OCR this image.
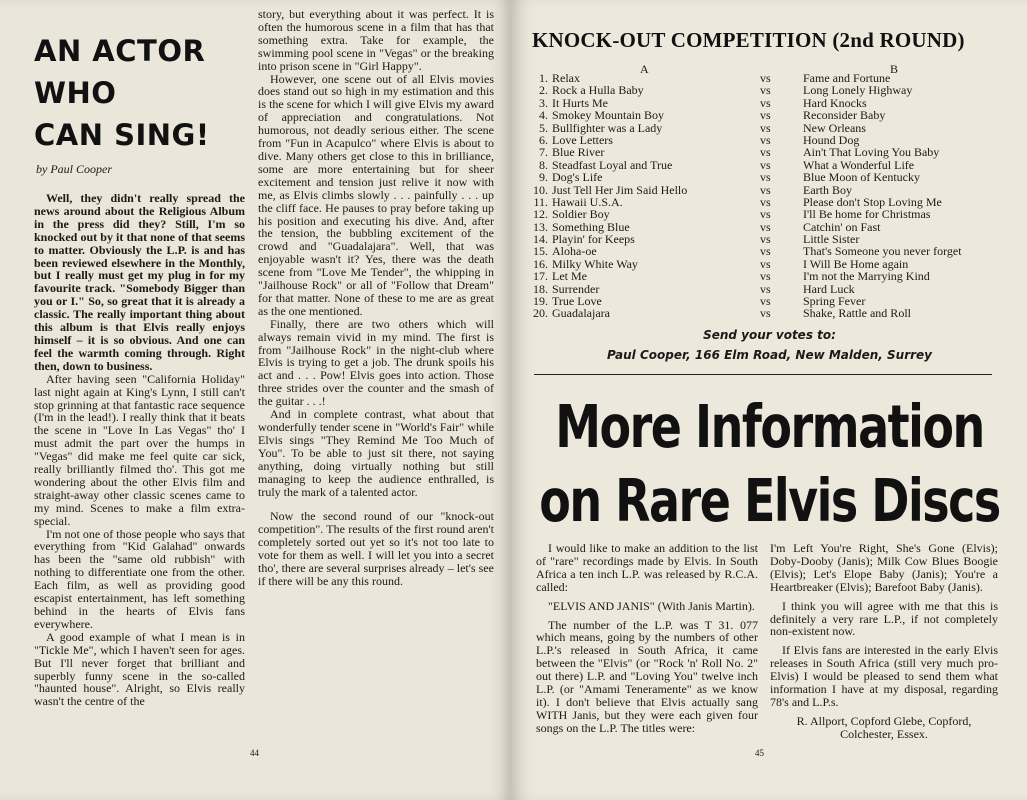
AN ACTOR
WHO
CAN SING!
by Paul Cooper

Well, they didn't really spread the news around about the Religious Album in the press did they? Still, I'm so knocked out by it that none of that seems to matter. Obviously the L.P. is and has been reviewed elsewhere in the Monthly, but I really must get my plug in for my favourite track. "Somebody Bigger than you or I." So, so great that it is already a classic. The really important thing about this album is that Elvis really enjoys himself – it is so obvious. And one can feel the warmth coming through. Right then, down to business.

After having seen "California Holiday" last night again at King's Lynn, I still can't stop grinning at that fantastic race sequence (I'm in the lead!). I really think that it beats the scene in "Love In Las Vegas" tho' I must admit the part over the humps in "Vegas" did make me feel quite car sick, really brilliantly filmed tho'. This got me wondering about the other Elvis film and straight-away other classic scenes came to my mind. Scenes to make a film extra-special.

I'm not one of those people who says that everything from "Kid Galahad" onwards has been the "same old rubbish" with nothing to differentiate one from the other. Each film, as well as providing good escapist entertainment, has left something behind in the hearts of Elvis fans everywhere.

A good example of what I mean is in "Tickle Me", which I haven't seen for ages. But I'll never forget that brilliant and superbly funny scene in the so-called "haunted house". Alright, so Elvis really wasn't the centre of the

story, but everything about it was perfect. It is often the humorous scene in a film that has that something extra. Take for example, the swimming pool scene in "Vegas" or the breaking into prison scene in "Girl Happy".

However, one scene out of all Elvis movies does stand out so high in my estimation and this is the scene for which I will give Elvis my award of appreciation and congratulations. Not humorous, not deadly serious either. The scene from "Fun in Acapulco" where Elvis is about to dive. Many others get close to this in brilliance, some are more entertaining but for sheer excitement and tension just relive it now with me, as Elvis climbs slowly . . . painfully . . . up the cliff face. He pauses to pray before taking up his position and executing his dive. And, after the tension, the bubbling excitement of the crowd and "Guadalajara". Well, that was enjoyable wasn't it? Yes, there was the death scene from "Love Me Tender", the whipping in "Jailhouse Rock" or all of "Follow that Dream" for that matter. None of these to me are as great as the one mentioned.

Finally, there are two others which will always remain vivid in my mind. The first is from "Jailhouse Rock" in the night-club where Elvis is trying to get a job. The drunk spoils his act and . . . Pow! Elvis goes into action. Those three strides over the counter and the smash of the guitar . . .!

And in complete contrast, what about that wonderfully tender scene in "World's Fair" while Elvis sings "They Remind Me Too Much of You". To be able to just sit there, not saying anything, doing virtually nothing but still managing to keep the audience enthralled, is truly the mark of a talented actor.

Now the second round of our "knock-out competition". The results of the first round aren't completely sorted out yet so it's not too late to vote for them as well. I will let you into a secret tho', there are several surprises already – let's see if there will be any this round.

44
KNOCK-OUT COMPETITION (2nd ROUND)
A	B
1. Relax	vs	Fame and Fortune
2. Rock a Hulla Baby	vs	Long Lonely Highway
3. It Hurts Me	vs	Hard Knocks
4. Smokey Mountain Boy	vs	Reconsider Baby
5. Bullfighter was a Lady	vs	New Orleans
6. Love Letters	vs	Hound Dog
7. Blue River	vs	Ain't That Loving You Baby
8. Steadfast Loyal and True	vs	What a Wonderful Life
9. Dog's Life	vs	Blue Moon of Kentucky
10. Just Tell Her Jim Said Hello	vs	Earth Boy
11. Hawaii U.S.A.	vs	Please don't Stop Loving Me
12. Soldier Boy	vs	I'll Be home for Christmas
13. Something Blue	vs	Catchin' on Fast
14. Playin' for Keeps	vs	Little Sister
15. Aloha-oe	vs	That's Someone you never forget
16. Milky White Way	vs	I Will Be Home again
17. Let Me	vs	I'm not the Marrying Kind
18. Surrender	vs	Hard Luck
19. True Love	vs	Spring Fever
20. Guadalajara	vs	Shake, Rattle and Roll
Send your votes to:
Paul Cooper, 166 Elm Road, New Malden, Surrey
More Information
on Rare Elvis Discs

I would like to make an addition to the list of "rare" recordings made by Elvis. In South Africa a ten inch L.P. was released by R.C.A. called:

"ELVIS AND JANIS" (With Janis Martin).

The number of the L.P. was T 31. 077 which means, going by the numbers of other L.P.'s released in South Africa, it came between the "Elvis" (or "Rock 'n' Roll No. 2" out there) L.P. and "Loving You" twelve inch L.P. (or "Amami Teneramente" as we know it). I don't believe that Elvis actually sang WITH Janis, but they were each given four songs on the L.P. The titles were:

I'm Left You're Right, She's Gone (Elvis); Doby-Dooby (Janis); Milk Cow Blues Boogie (Elvis); Let's Elope Baby (Janis); You're a Heartbreaker (Elvis); Barefoot Baby (Janis).

I think you will agree with me that this is definitely a very rare L.P., if not completely non-existent now.

If Elvis fans are interested in the early Elvis releases in South Africa (still very much pro-Elvis) I would be pleased to send them what information I have at my disposal, regarding 78's and L.P.s.

R. Allport, Copford Glebe, Copford, Colchester, Essex.

45
